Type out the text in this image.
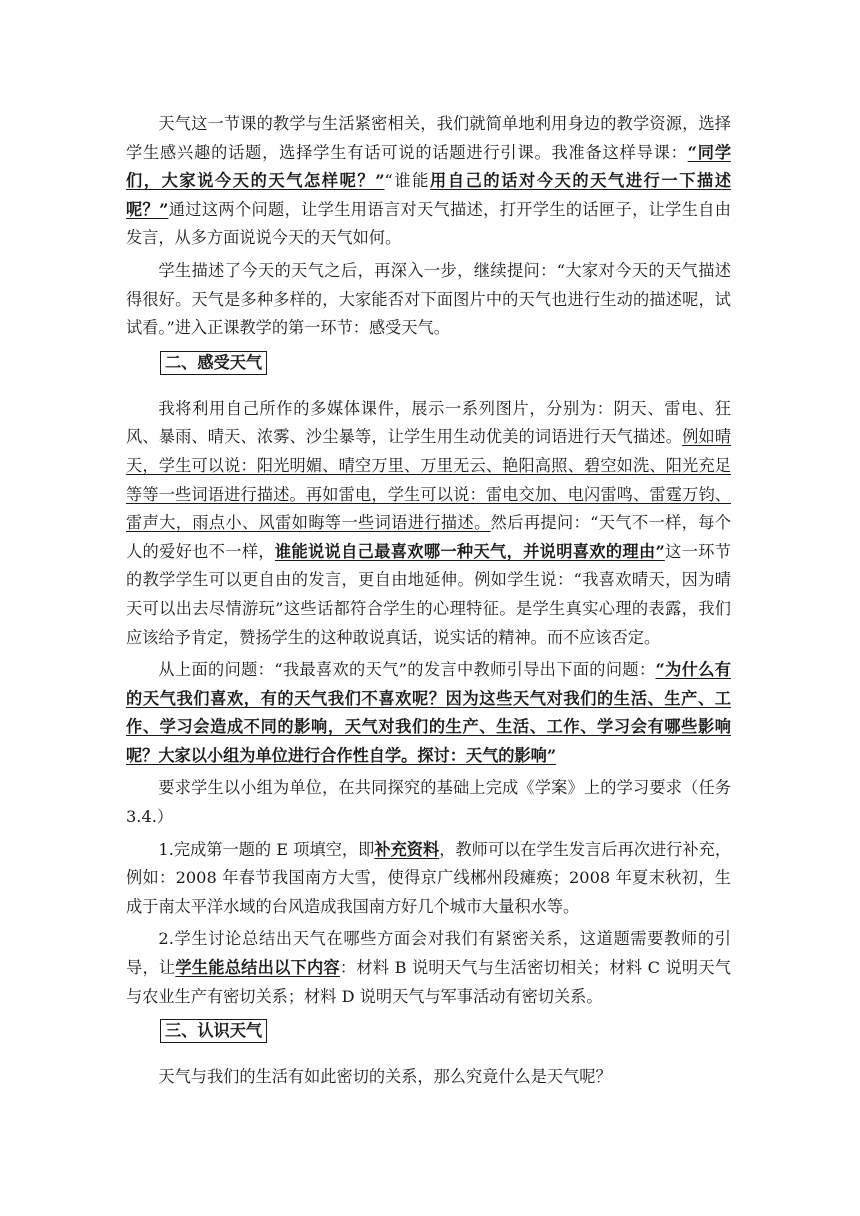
天气这一节课的教学与生活紧密相关，我们就简单地利用身边的教学资源，选择学生感兴趣的话题，选择学生有话可说的话题进行引课。我准备这样导课：“同学们，大家说今天的天气怎样呢？”“谁能用自己的话对今天的天气进行一下描述呢？”通过这两个问题，让学生用语言对天气描述，打开学生的话匣子，让学生自由发言，从多方面说说今天的天气如何。

学生描述了今天的天气之后，再深入一步，继续提问：“大家对今天的天气描述得很好。天气是多种多样的，大家能否对下面图片中的天气也进行生动的描述呢，试试看。”进入正课教学的第一环节：感受天气。

二、感受天气

我将利用自己所作的多媒体课件，展示一系列图片，分别为：阴天、雷电、狂风、暴雨、晴天、浓雾、沙尘暴等，让学生用生动优美的词语进行天气描述。例如晴天，学生可以说：阳光明媚、晴空万里、万里无云、艳阳高照、碧空如洗、阳光充足等等一些词语进行描述。再如雷电，学生可以说：雷电交加、电闪雷鸣、雷霆万钧、雷声大，雨点小、风雷如晦等一些词语进行描述。然后再提问：“天气不一样，每个人的爱好也不一样，谁能说说自己最喜欢哪一种天气，并说明喜欢的理由”这一环节的教学学生可以更自由的发言，更自由地延伸。例如学生说：“我喜欢晴天，因为晴天可以出去尽情游玩”这些话都符合学生的心理特征。是学生真实心理的表露，我们应该给予肯定，赞扬学生的这种敢说真话，说实话的精神。而不应该否定。

从上面的问题：“我最喜欢的天气”的发言中教师引导出下面的问题：“为什么有的天气我们喜欢，有的天气我们不喜欢呢？因为这些天气对我们的生活、生产、工作、学习会造成不同的影响，天气对我们的生产、生活、工作、学习会有哪些影响呢？大家以小组为单位进行合作性自学。探讨：天气的影响”

要求学生以小组为单位，在共同探究的基础上完成《学案》上的学习要求（任务 3.4.）

1.完成第一题的 E 项填空，即补充资料，教师可以在学生发言后再次进行补充，例如：2008 年春节我国南方大雪，使得京广线郴州段瘫痪；2008 年夏末秋初，生成于南太平洋水域的台风造成我国南方好几个城市大量积水等。

2.学生讨论总结出天气在哪些方面会对我们有紧密关系，这道题需要教师的引导，让学生能总结出以下内容：材料 B 说明天气与生活密切相关；材料 C 说明天气与农业生产有密切关系；材料 D 说明天气与军事活动有密切关系。

三、认识天气

天气与我们的生活有如此密切的关系，那么究竟什么是天气呢？
